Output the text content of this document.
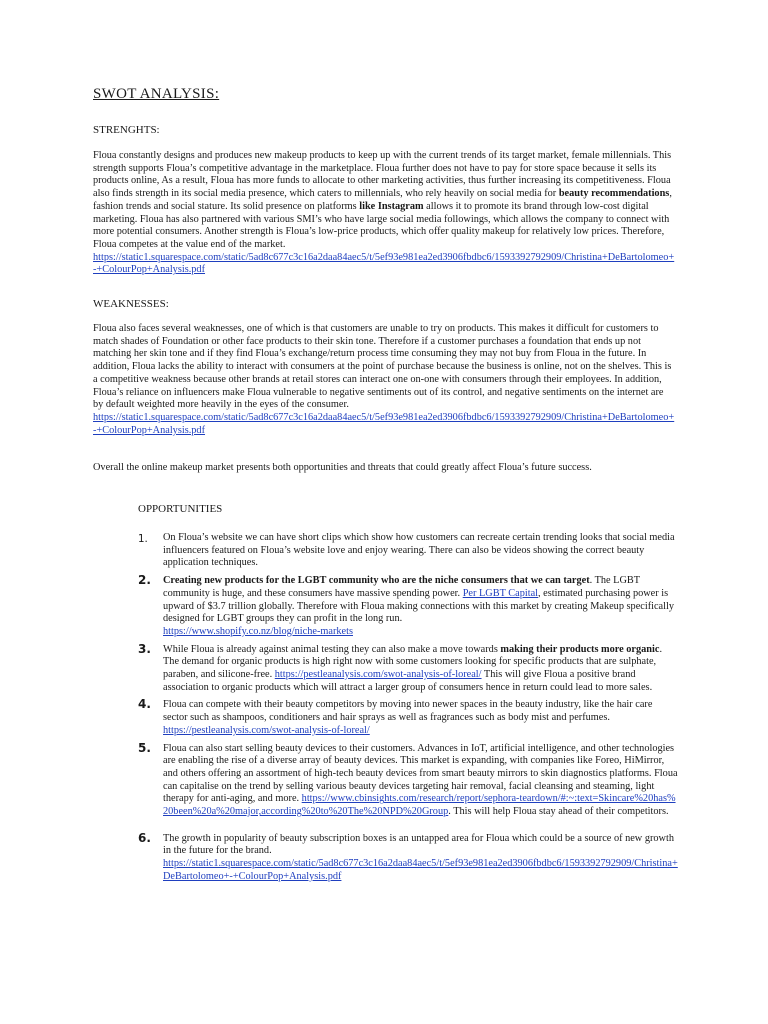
SWOT ANALYSIS:
STRENGHTS:

Floua constantly designs and produces new makeup products to keep up with the current trends of its target market, female millennials. This strength supports Floua’s competitive advantage in the marketplace. Floua further does not have to pay for store space because it sells its products online, As a result, Floua has more funds to allocate to other marketing activities, thus further increasing its competitiveness. Floua also finds strength in its social media presence, which caters to millennials, who rely heavily on social media for beauty recommendations, fashion trends and social stature. Its solid presence on platforms like Instagram allows it to promote its brand through low-cost digital marketing. Floua has also partnered with various SMI’s who have large social media followings, which allows the company to connect with more potential consumers. Another strength is Floua’s low-price products, which offer quality makeup for relatively low prices. Therefore, Floua competes at the value end of the market.
https://static1.squarespace.com/static/5ad8c677c3c16a2daa84aec5/t/5ef93e981ea2ed3906fbdbc6/1593392792909/Christina+DeBartolomeo+-+ColourPop+Analysis.pdf

WEAKNESSES:

Floua also faces several weaknesses, one of which is that customers are unable to try on products. This makes it difficult for customers to match shades of Foundation or other face products to their skin tone. Therefore if a customer purchases a foundation that ends up not matching her skin tone and if they find Floua’s exchange/return process time consuming they may not buy from Floua in the future. In addition, Floua lacks the ability to interact with consumers at the point of purchase because the business is online, not on the shelves. This is a competitive weakness because other brands at retail stores can interact one on-one with consumers through their employees. In addition, Floua’s reliance on influencers make Floua vulnerable to negative sentiments out of its control, and negative sentiments on the internet are by default weighted more heavily in the eyes of the consumer.
https://static1.squarespace.com/static/5ad8c677c3c16a2daa84aec5/t/5ef93e981ea2ed3906fbdbc6/1593392792909/Christina+DeBartolomeo+-+ColourPop+Analysis.pdf

Overall the online makeup market presents both opportunities and threats that could greatly affect Floua’s future success.
OPPORTUNITIES
1. On Floua’s website we can have short clips which show how customers can recreate certain trending looks that social media influencers featured on Floua’s website love and enjoy wearing. There can also be videos showing the correct beauty application techniques.
2. Creating new products for the LGBT community who are the niche consumers that we can target. The LGBT community is huge, and these consumers have massive spending power. Per LGBT Capital, estimated purchasing power is upward of $3.7 trillion globally. Therefore with Floua making connections with this market by creating Makeup specifically designed for LGBT groups they can profit in the long run.
https://www.shopify.co.nz/blog/niche-markets
3. While Floua is already against animal testing they can also make a move towards making their products more organic. The demand for organic products is high right now with some customers looking for specific products that are sulphate, paraben, and silicone-free. https://pestleanalysis.com/swot-analysis-of-loreal/ This will give Floua a positive brand association to organic products which will attract a larger group of consumers hence in return could lead to more sales.
4. Floua can compete with their beauty competitors by moving into newer spaces in the beauty industry, like the hair care sector such as shampoos, conditioners and hair sprays as well as fragrances such as body mist and perfumes. https://pestleanalysis.com/swot-analysis-of-loreal/
5. Floua can also start selling beauty devices to their customers. Advances in IoT, artificial intelligence, and other technologies are enabling the rise of a diverse array of beauty devices. This market is expanding, with companies like Foreo, HiMirror, and others offering an assortment of high-tech beauty devices from smart beauty mirrors to skin diagnostics platforms. Floua can capitalise on the trend by selling various beauty devices targeting hair removal, facial cleansing and steaming, light therapy for anti-aging, and more. https://www.cbinsights.com/research/report/sephora-teardown/#:~:text=Skincare%20has%20been%20a%20major,according%20to%20The%20NPD%20Group. This will help Floua stay ahead of their competitors.
6. The growth in popularity of beauty subscription boxes is an untapped area for Floua which could be a source of new growth in the future for the brand.
https://static1.squarespace.com/static/5ad8c677c3c16a2daa84aec5/t/5ef93e981ea2ed3906fbdbc6/1593392792909/Christina+DeBartolomeo+-+ColourPop+Analysis.pdf
